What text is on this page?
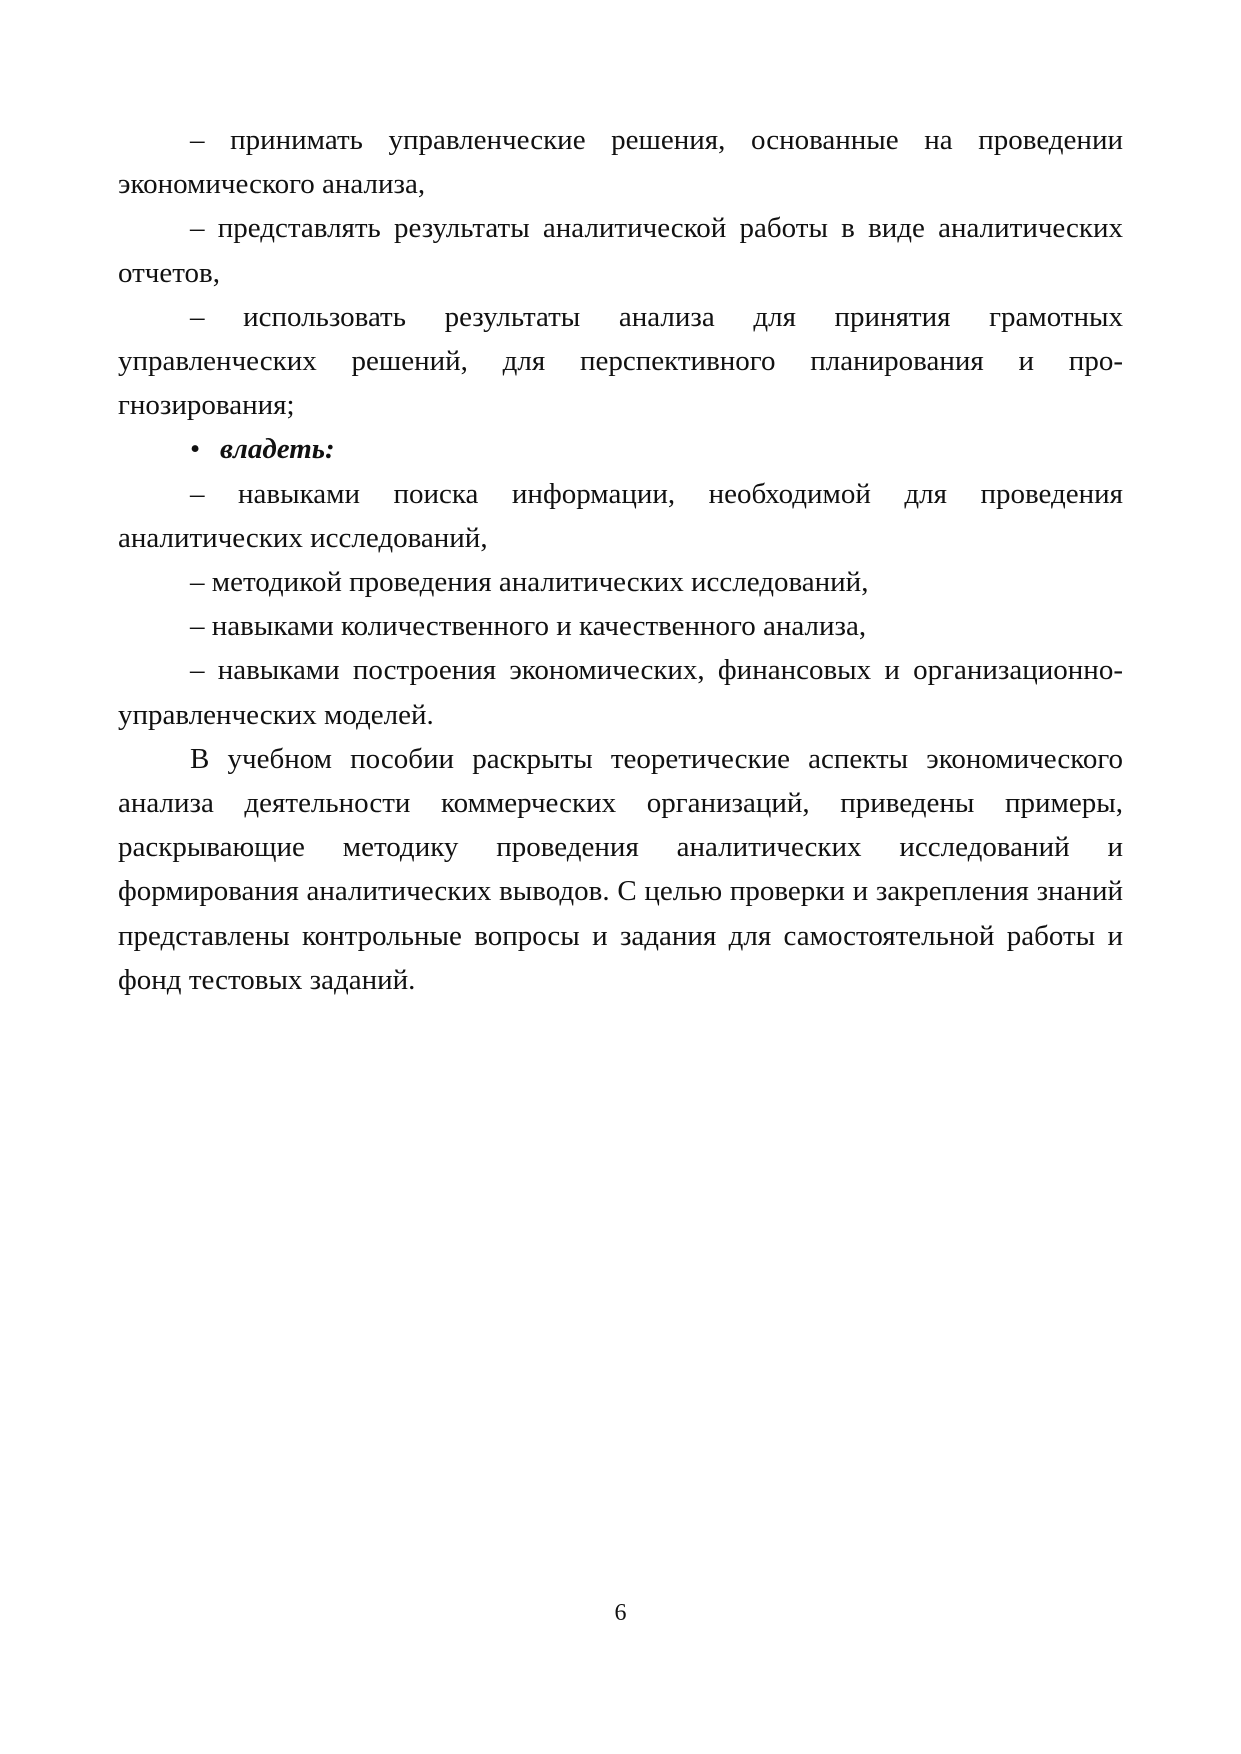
– принимать управленческие решения, основанные на проведении экономического анализа,

– представлять результаты аналитической работы в виде аналитических отчетов,

– использовать результаты анализа для принятия грамотных управленческих решений, для перспективного планирования и прогнозирования;

• владеть:

– навыками поиска информации, необходимой для проведения аналитических исследований,

– методикой проведения аналитических исследований,

– навыками количественного и качественного анализа,

– навыками построения экономических, финансовых и организационно-управленческих моделей.

В учебном пособии раскрыты теоретические аспекты экономического анализа деятельности коммерческих организаций, приведены примеры, раскрывающие методику проведения аналитических исследований и формирования аналитических выводов. С целью проверки и закрепления знаний представлены контрольные вопросы и задания для самостоятельной работы и фонд тестовых заданий.

6
